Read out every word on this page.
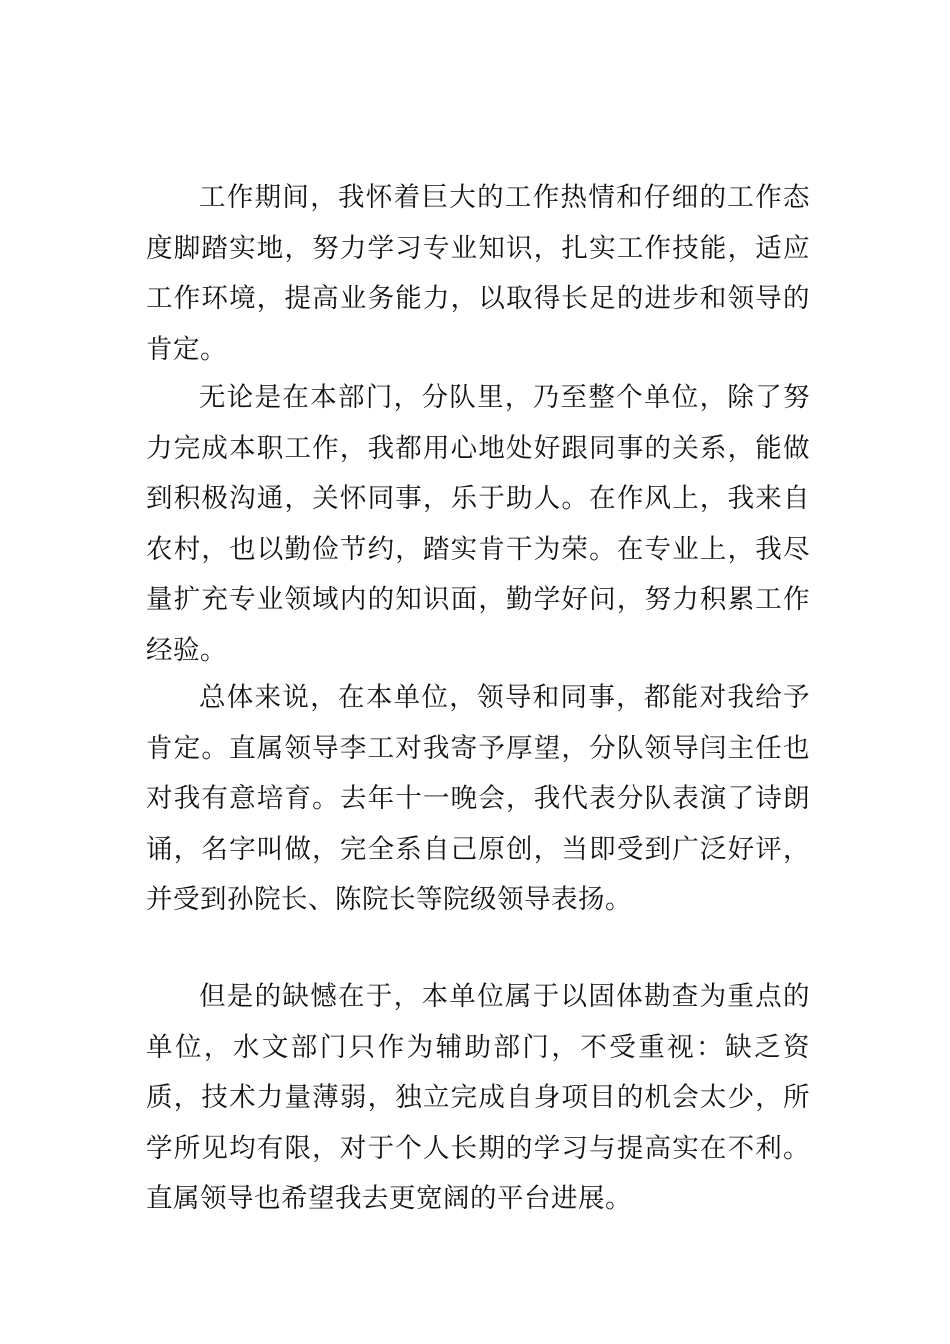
工作期间，我怀着巨大的工作热情和仔细的工作态度脚踏实地，努力学习专业知识，扎实工作技能，适应工作环境，提高业务能力，以取得长足的进步和领导的肯定。

无论是在本部门，分队里，乃至整个单位，除了努力完成本职工作，我都用心地处好跟同事的关系，能做到积极沟通，关怀同事，乐于助人。在作风上，我来自农村，也以勤俭节约，踏实肯干为荣。在专业上，我尽量扩充专业领域内的知识面，勤学好问，努力积累工作经验。

总体来说，在本单位，领导和同事，都能对我给予肯定。直属领导李工对我寄予厚望，分队领导闫主任也对我有意培育。去年十一晚会，我代表分队表演了诗朗诵，名字叫做，完全系自己原创，当即受到广泛好评，并受到孙院长、陈院长等院级领导表扬。

但是的缺憾在于，本单位属于以固体勘查为重点的单位，水文部门只作为辅助部门，不受重视：缺乏资质，技术力量薄弱，独立完成自身项目的机会太少，所学所见均有限，对于个人长期的学习与提高实在不利。直属领导也希望我去更宽阔的平台进展。
